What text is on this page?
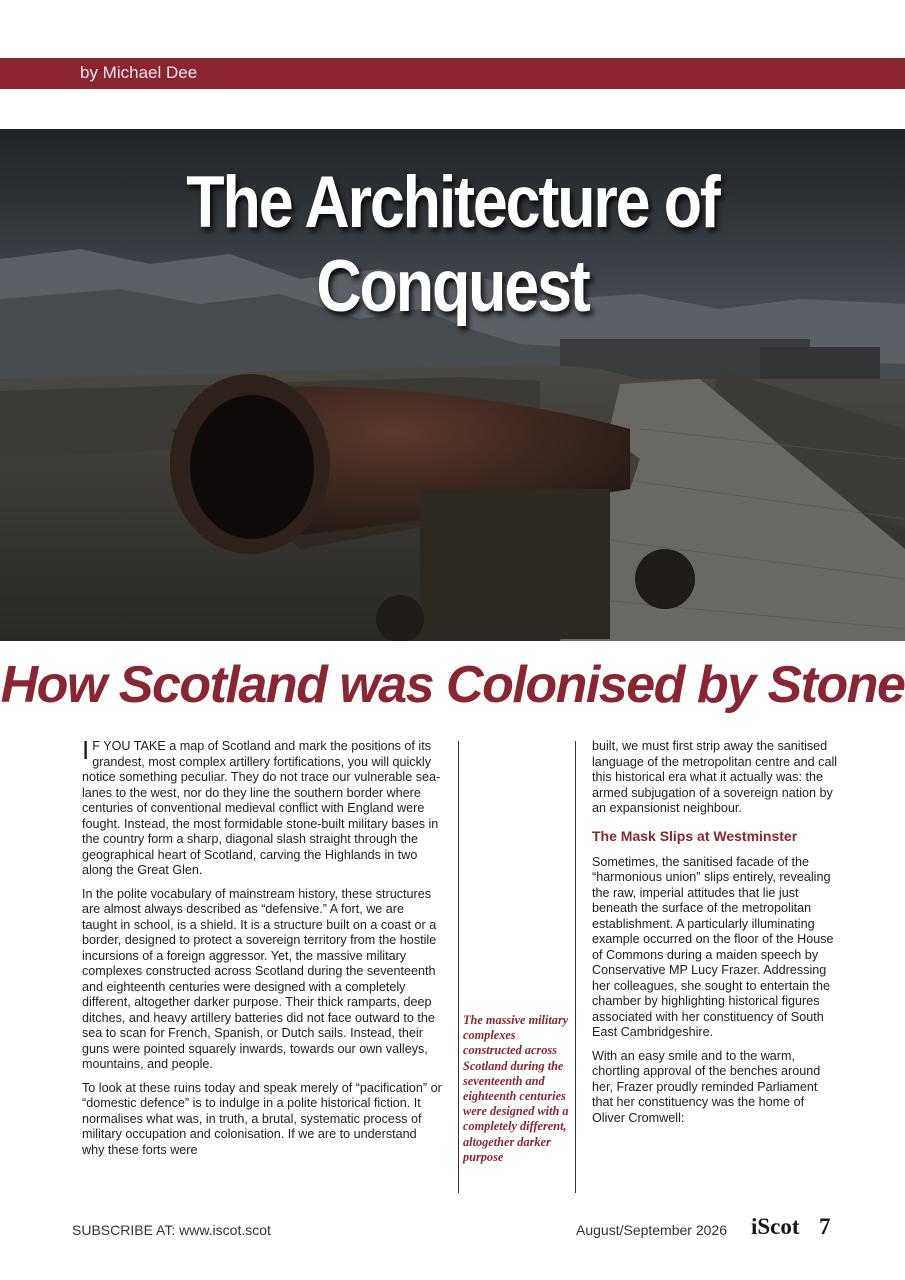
by Michael Dee
The Architecture of Conquest
How Scotland was Colonised by Stone

I F YOU TAKE a map of Scotland and mark the positions of its grandest, most complex artillery fortifications, you will quickly notice something peculiar. They do not trace our vulnerable sea-lanes to the west, nor do they line the southern border where centuries of conventional medieval conflict with England were fought. Instead, the most formidable stone-built military bases in the country form a sharp, diagonal slash straight through the geographical heart of Scotland, carving the Highlands in two along the Great Glen.

In the polite vocabulary of mainstream history, these structures are almost always described as “defensive.” A fort, we are taught in school, is a shield. It is a structure built on a coast or a border, designed to protect a sovereign territory from the hostile incursions of a foreign aggressor. Yet, the massive military complexes constructed across Scotland during the seventeenth and eighteenth centuries were designed with a completely different, altogether darker purpose. Their thick ramparts, deep ditches, and heavy artillery batteries did not face outward to the sea to scan for French, Spanish, or Dutch sails. Instead, their guns were pointed squarely inwards, towards our own valleys, mountains, and people.

To look at these ruins today and speak merely of “pacification” or “domestic defence” is to indulge in a polite historical fiction. It normalises what was, in truth, a brutal, systematic process of military occupation and colonisation. If we are to understand why these forts were

The massive military complexes constructed across Scotland during the seventeenth and eighteenth centuries were designed with a completely different, altogether darker purpose

built, we must first strip away the sanitised language of the metropolitan centre and call this historical era what it actually was: the armed subjugation of a sovereign nation by an expansionist neighbour.

The Mask Slips at Westminster

Sometimes, the sanitised facade of the “harmonious union” slips entirely, revealing the raw, imperial attitudes that lie just beneath the surface of the metropolitan establishment. A particularly illuminating example occurred on the floor of the House of Commons during a maiden speech by Conservative MP Lucy Frazer. Addressing her colleagues, she sought to entertain the chamber by highlighting historical figures associated with her constituency of South East Cambridgeshire.

With an easy smile and to the warm, chortling approval of the benches around her, Frazer proudly reminded Parliament that her constituency was the home of Oliver Cromwell:

SUBSCRIBE AT: www.iscot.scot	August/September 2026 iScot 7
